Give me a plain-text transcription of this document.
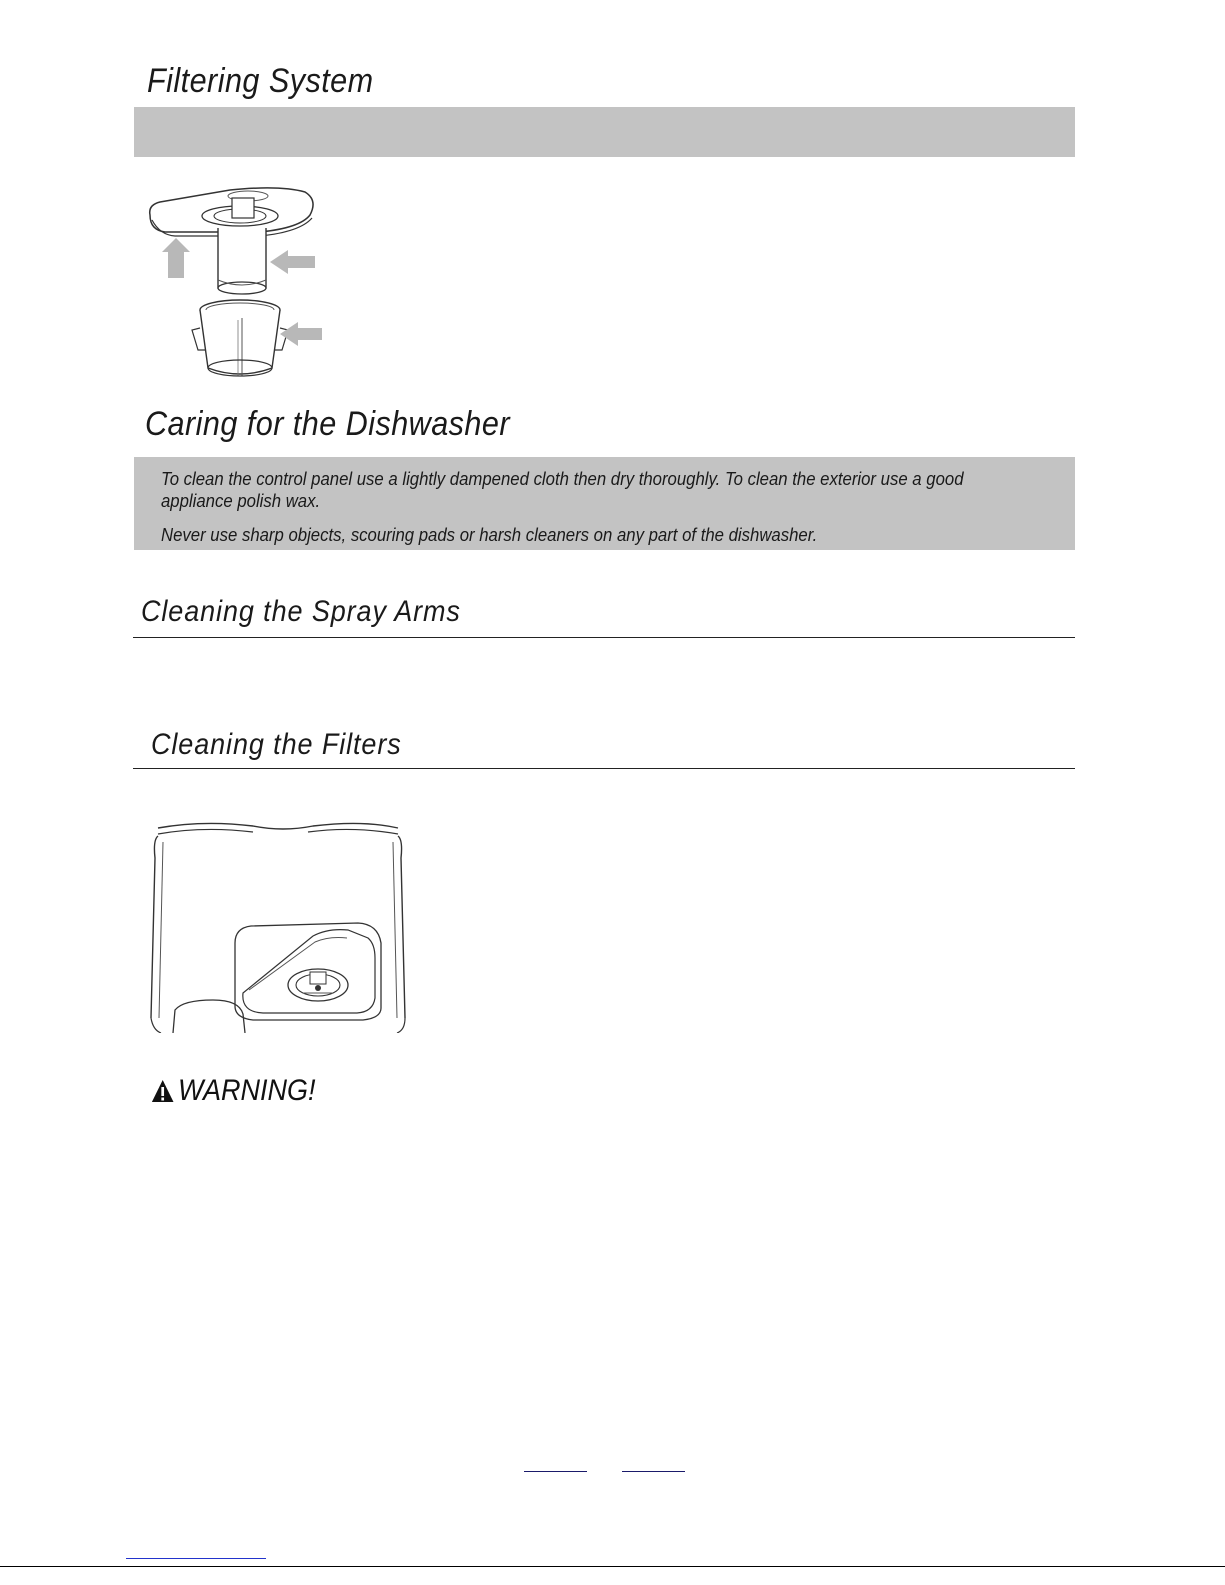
Filtering System
Caring for the Dishwasher

To clean the control panel use a lightly dampened cloth then dry thoroughly. To clean the exterior use a good appliance polish wax.

Never use sharp objects, scouring pads or harsh cleaners on any part of the dishwasher.

Cleaning the Spray Arms
Cleaning the Filters
WARNING!
